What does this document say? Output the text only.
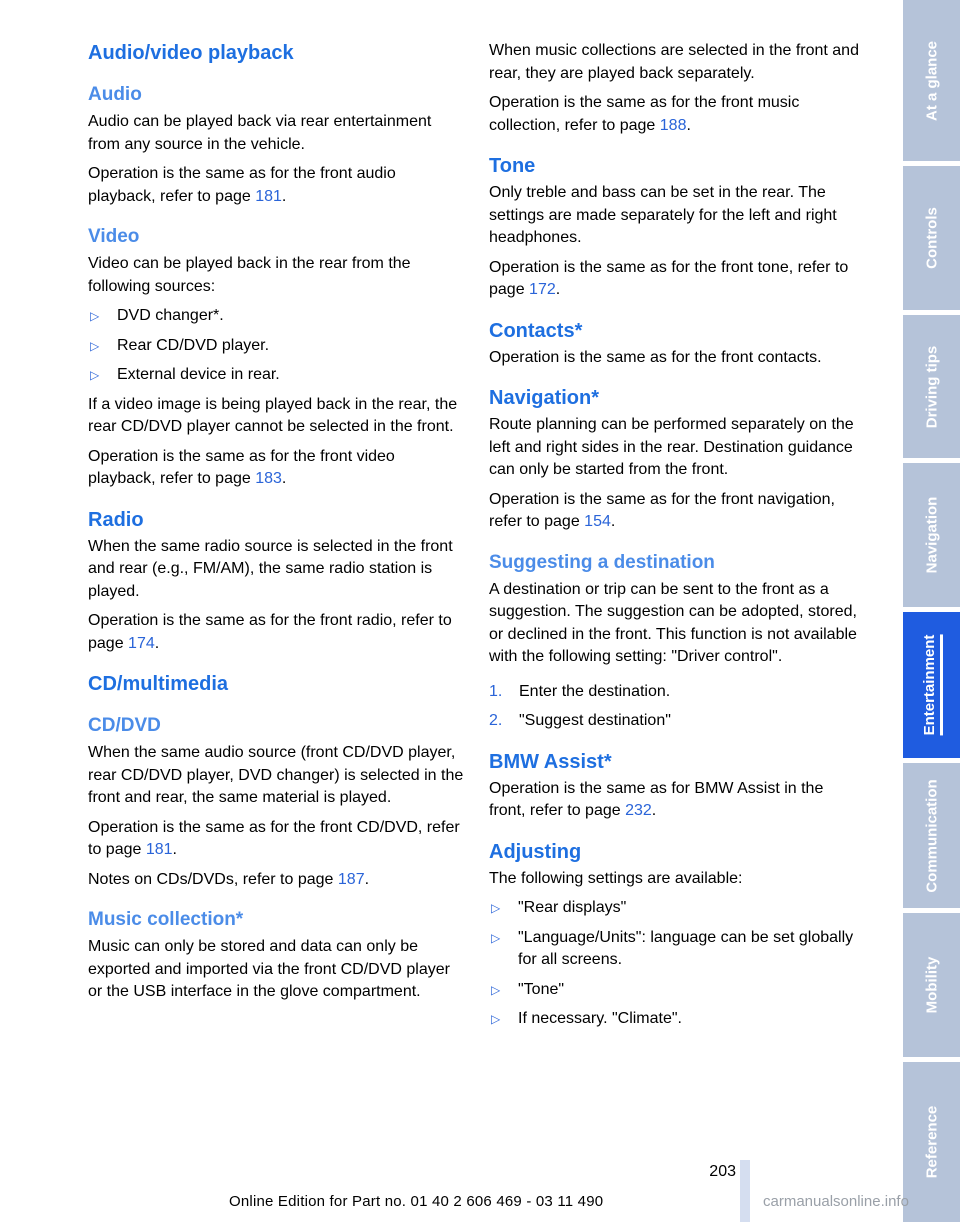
Audio/video playback
Audio

Audio can be played back via rear entertainment from any source in the vehicle.

Operation is the same as for the front audio playback, refer to page 181.

Video

Video can be played back in the rear from the following sources:

▷ DVD changer*.
▷ Rear CD/DVD player.
▷ External device in rear.

If a video image is being played back in the rear, the rear CD/DVD player cannot be selected in the front.

Operation is the same as for the front video playback, refer to page 183.

Radio

When the same radio source is selected in the front and rear (e.g., FM/AM), the same radio station is played.

Operation is the same as for the front radio, refer to page 174.

CD/multimedia
CD/DVD

When the same audio source (front CD/DVD player, rear CD/DVD player, DVD changer) is selected in the front and rear, the same material is played.

Operation is the same as for the front CD/DVD, refer to page 181.

Notes on CDs/DVDs, refer to page 187.

Music collection*

Music can only be stored and data can only be exported and imported via the front CD/DVD player or the USB interface in the glove compartment.

When music collections are selected in the front and rear, they are played back separately.

Operation is the same as for the front music collection, refer to page 188.

Tone

Only treble and bass can be set in the rear. The settings are made separately for the left and right headphones.

Operation is the same as for the front tone, refer to page 172.

Contacts*

Operation is the same as for the front contacts.

Navigation*

Route planning can be performed separately on the left and right sides in the rear. Destination guidance can only be started from the front.

Operation is the same as for the front navigation, refer to page 154.

Suggesting a destination

A destination or trip can be sent to the front as a suggestion. The suggestion can be adopted, stored, or declined in the front. This function is not available with the following setting: "Driver control".

1. Enter the destination.
2. "Suggest destination"
BMW Assist*

Operation is the same as for BMW Assist in the front, refer to page 232.

Adjusting

The following settings are available:

▷ "Rear displays"
▷ "Language/Units": language can be set globally for all screens.
▷ "Tone"
▷ If necessary. "Climate".
At a glance
Controls
Driving tips
Navigation
Entertainment
Communication
Mobility
Reference
203
Online Edition for Part no. 01 40 2 606 469 - 03 11 490	carmanualsonline.info
